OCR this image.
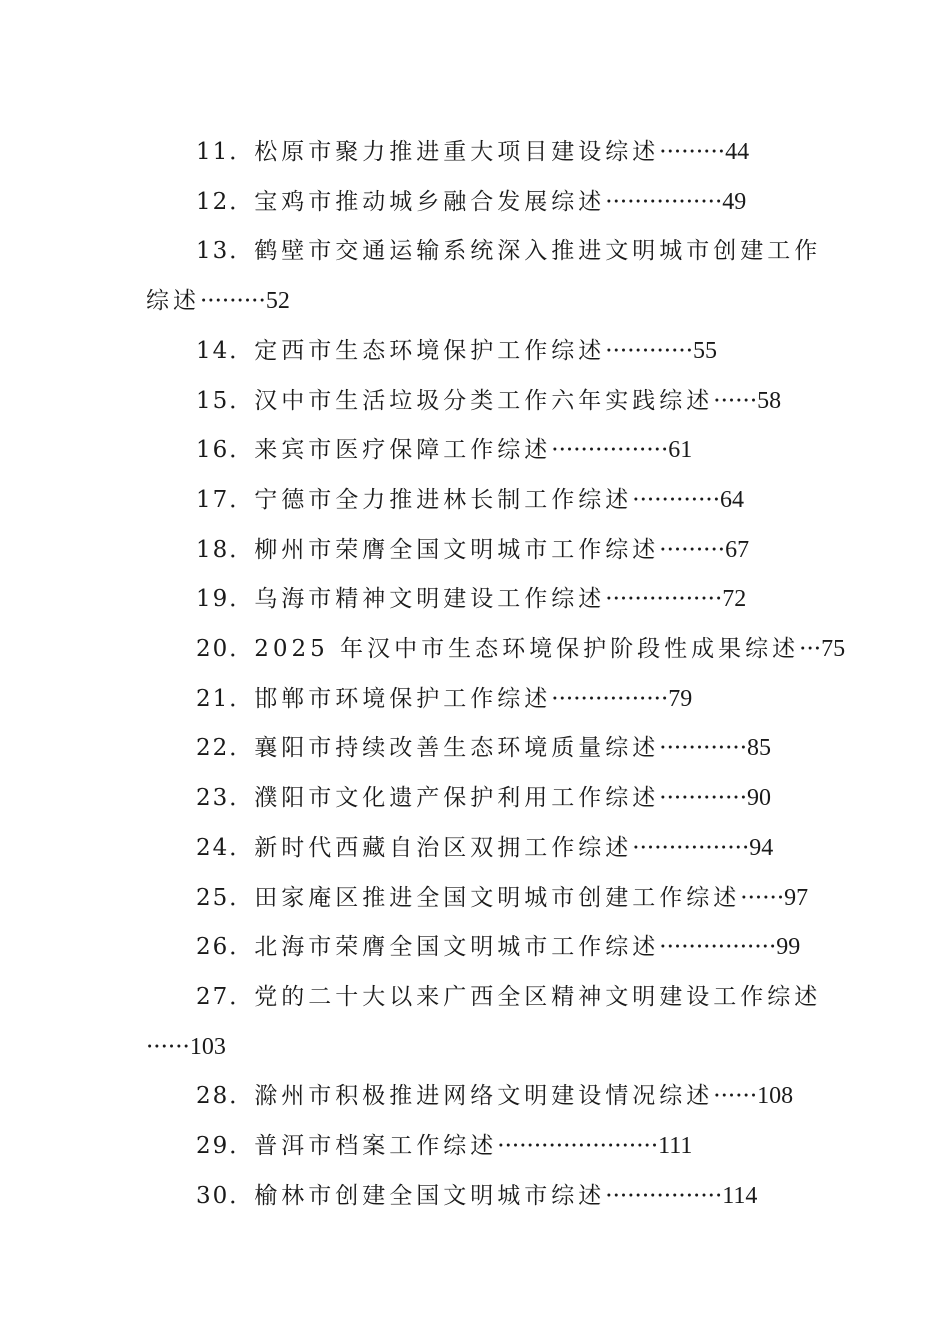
11．松原市聚力推进重大项目建设综述·········44
12．宝鸡市推动城乡融合发展综述················49
13．鹤壁市交通运输系统深入推进文明城市创建工作
综述·········52
14．定西市生态环境保护工作综述············55
15．汉中市生活垃圾分类工作六年实践综述······58
16．来宾市医疗保障工作综述················61
17．宁德市全力推进林长制工作综述············64
18．柳州市荣膺全国文明城市工作综述·········67
19．乌海市精神文明建设工作综述················72
20．2025 年汉中市生态环境保护阶段性成果综述···75
21．邯郸市环境保护工作综述················79
22．襄阳市持续改善生态环境质量综述············85
23．濮阳市文化遗产保护利用工作综述············90
24．新时代西藏自治区双拥工作综述················94
25．田家庵区推进全国文明城市创建工作综述······97
26．北海市荣膺全国文明城市工作综述················99
27．党的二十大以来广西全区精神文明建设工作综述
······103
28．滁州市积极推进网络文明建设情况综述······108
29．普洱市档案工作综述······················111
30．榆林市创建全国文明城市综述················114
